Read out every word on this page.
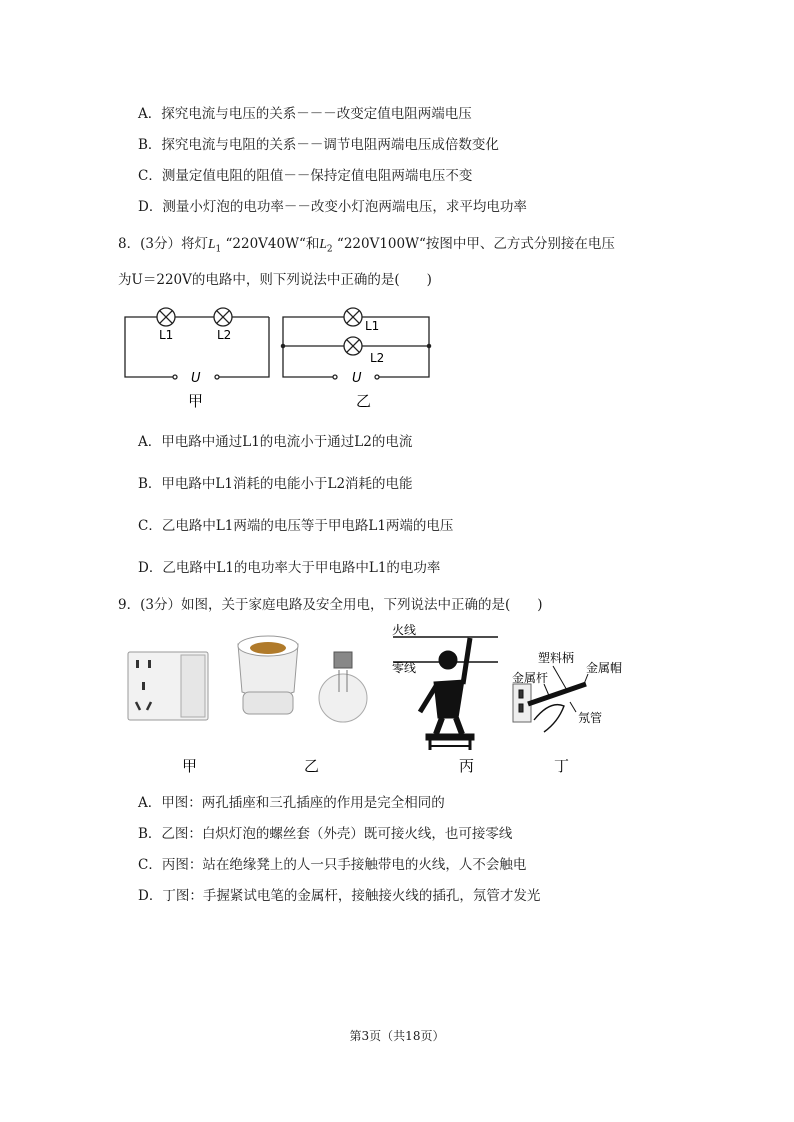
A．探究电流与电压的关系－－－改变定值电阻两端电压
B．探究电流与电阻的关系－－调节电阻两端电压成倍数变化
C．测量定值电阻的阻值－－保持定值电阻两端电压不变
D．测量小灯泡的电功率－－改变小灯泡两端电压，求平均电功率
8．(3分）将灯$L_1$ “220V40W“和$L_2$ “220V100W“按图中甲、乙方式分别接在电压
为U＝220V的电路中，则下列说法中正确的是(　　)
L1	L2
U
甲
L1
L2
U
乙
A．甲电路中通过L1的电流小于通过L2的电流
B．甲电路中L1消耗的电能小于L2消耗的电能
C．乙电路中L1两端的电压等于甲电路L1两端的电压
D．乙电路中L1的电功率大于甲电路中L1的电功率
9．(3分）如图，关于家庭电路及安全用电，下列说法中正确的是(　　)
火线
零线
塑料柄
金属帽
金属杆
氖管
甲	乙	丙	丁
A．甲图：两孔插座和三孔插座的作用是完全相同的
B．乙图：白炽灯泡的螺丝套（外壳）既可接火线，也可接零线
C．丙图：站在绝缘凳上的人一只手接触带电的火线，人不会触电
D．丁图：手握紧试电笔的金属杆，接触接火线的插孔，氖管才发光
第3页（共18页）
